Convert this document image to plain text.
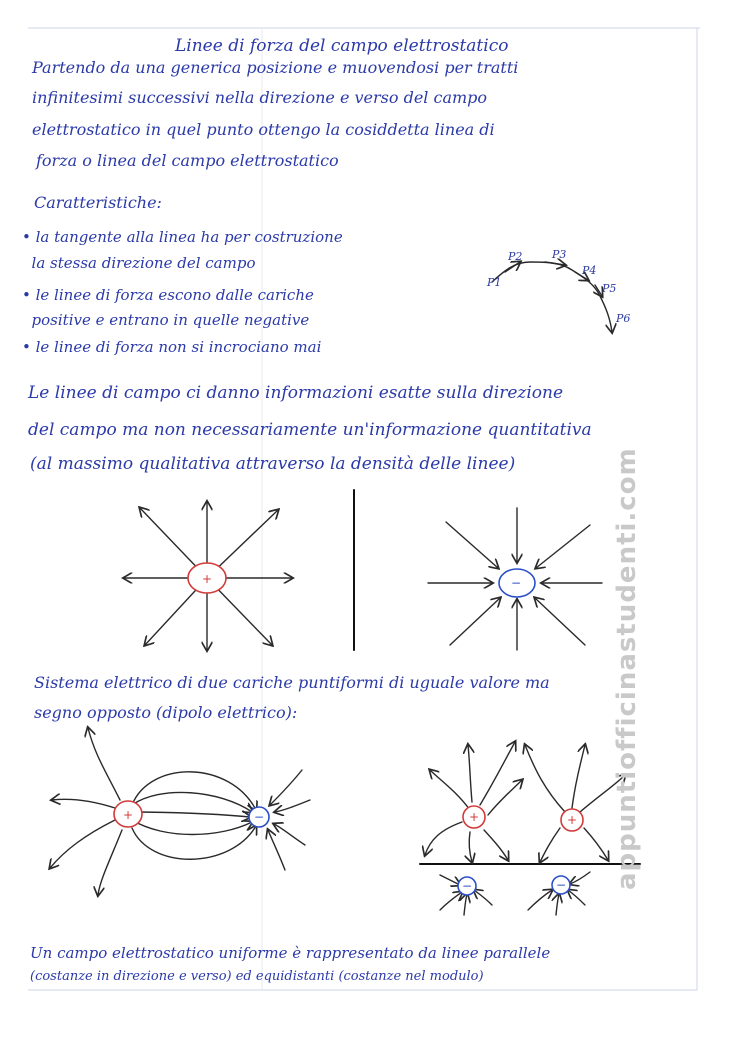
P1
P2	P3
P4
P5
P6
+	−
+	−	+	+
−	−
Linee di forza del campo elettrostatico
Partendo da una generica posizione e muovendosi per tratti
infinitesimi successivi nella direzione e verso del campo
elettrostatico in quel punto ottengo la cosiddetta linea di
forza o linea del campo elettrostatico
Caratteristiche:
• la tangente alla linea ha per costruzione
la stessa direzione del campo
• le linee di forza escono dalle cariche
positive e entrano in quelle negative
• le linee di forza non si incrociano mai
Le linee di campo ci danno informazioni esatte sulla direzione
del campo ma non necessariamente un'informazione quantitativa
(al massimo qualitativa attraverso la densità delle linee)
Sistema elettrico di due cariche puntiformi di uguale valore ma
segno opposto (dipolo elettrico):
Un campo elettrostatico uniforme è rappresentato da linee parallele
(costanze in direzione e verso) ed equidistanti (costanze nel modulo)
appuntiofficinastudenti.com
